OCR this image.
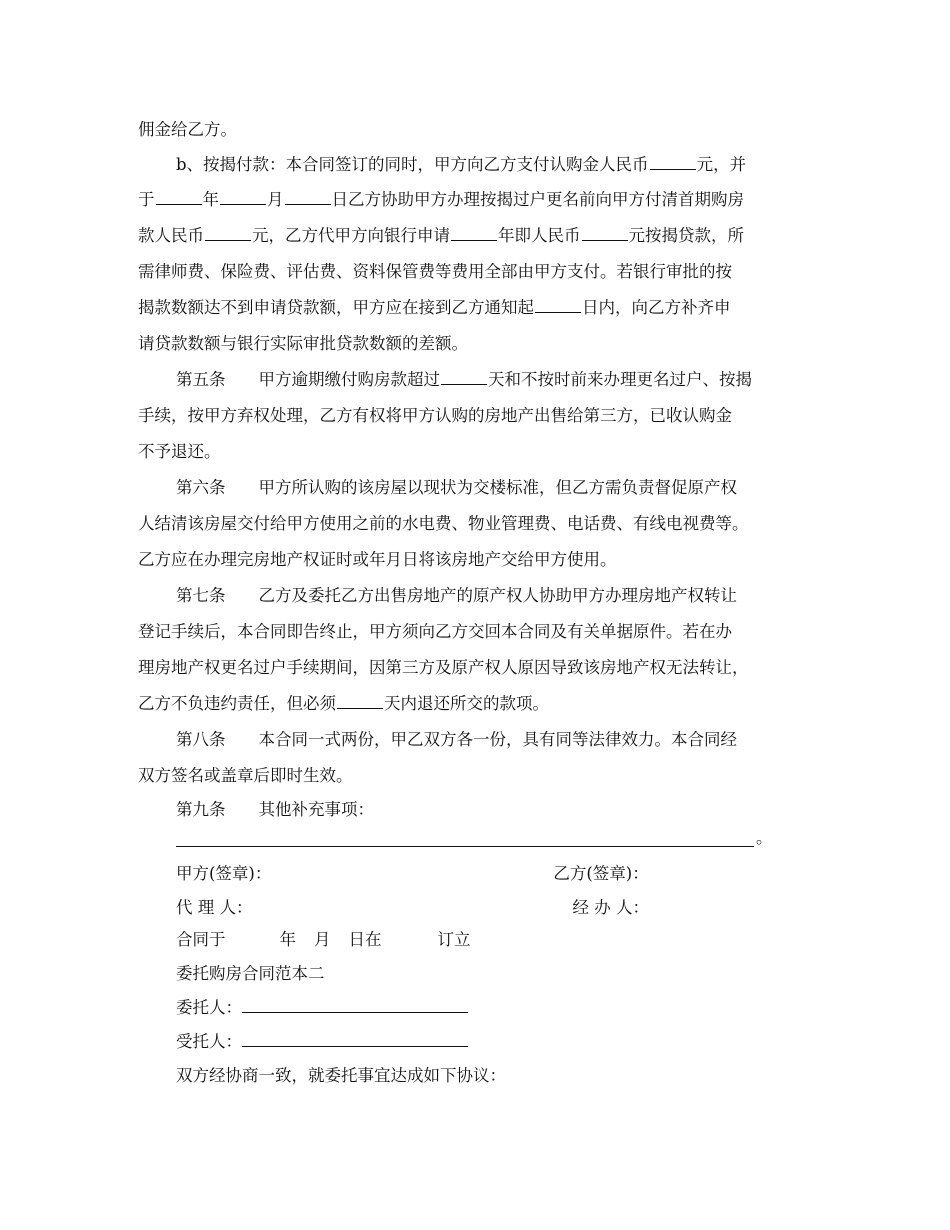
佣金给乙方。
b、按揭付款：本合同签订的同时，甲方向乙方支付认购金人民币	元，并
于	年	月	日乙方协助甲方办理按揭过户更名前向甲方付清首期购房
款人民币	元，乙方代甲方向银行申请	年即人民币	元按揭贷款，所
需律师费、保险费、评估费、资料保管费等费用全部由甲方支付。若银行审批的按
揭款数额达不到申请贷款额，甲方应在接到乙方通知起	日内，向乙方补齐申
请贷款数额与银行实际审批贷款数额的差额。
第五条　　甲方逾期缴付购房款超过	天和不按时前来办理更名过户、按揭
手续，按甲方弃权处理，乙方有权将甲方认购的房地产出售给第三方，已收认购金
不予退还。
第六条　　甲方所认购的该房屋以现状为交楼标准，但乙方需负责督促原产权
人结清该房屋交付给甲方使用之前的水电费、物业管理费、电话费、有线电视费等。
乙方应在办理完房地产权证时或年月日将该房地产交给甲方使用。
第七条　　乙方及委托乙方出售房地产的原产权人协助甲方办理房地产权转让
登记手续后，本合同即告终止，甲方须向乙方交回本合同及有关单据原件。若在办
理房地产权更名过户手续期间，因第三方及原产权人原因导致该房地产权无法转让，
乙方不负违约责任，但必须	天内退还所交的款项。
第八条　　本合同一式两份，甲乙双方各一份，具有同等法律效力。本合同经
双方签名或盖章后即时生效。
第九条　　其他补充事项：
。
甲方(签章)：	乙方(签章)：
代 理 人：	经 办 人：
合同于	年 月 日在	订立
委托购房合同范本二
委托人：
受托人：
双方经协商一致，就委托事宜达成如下协议：
